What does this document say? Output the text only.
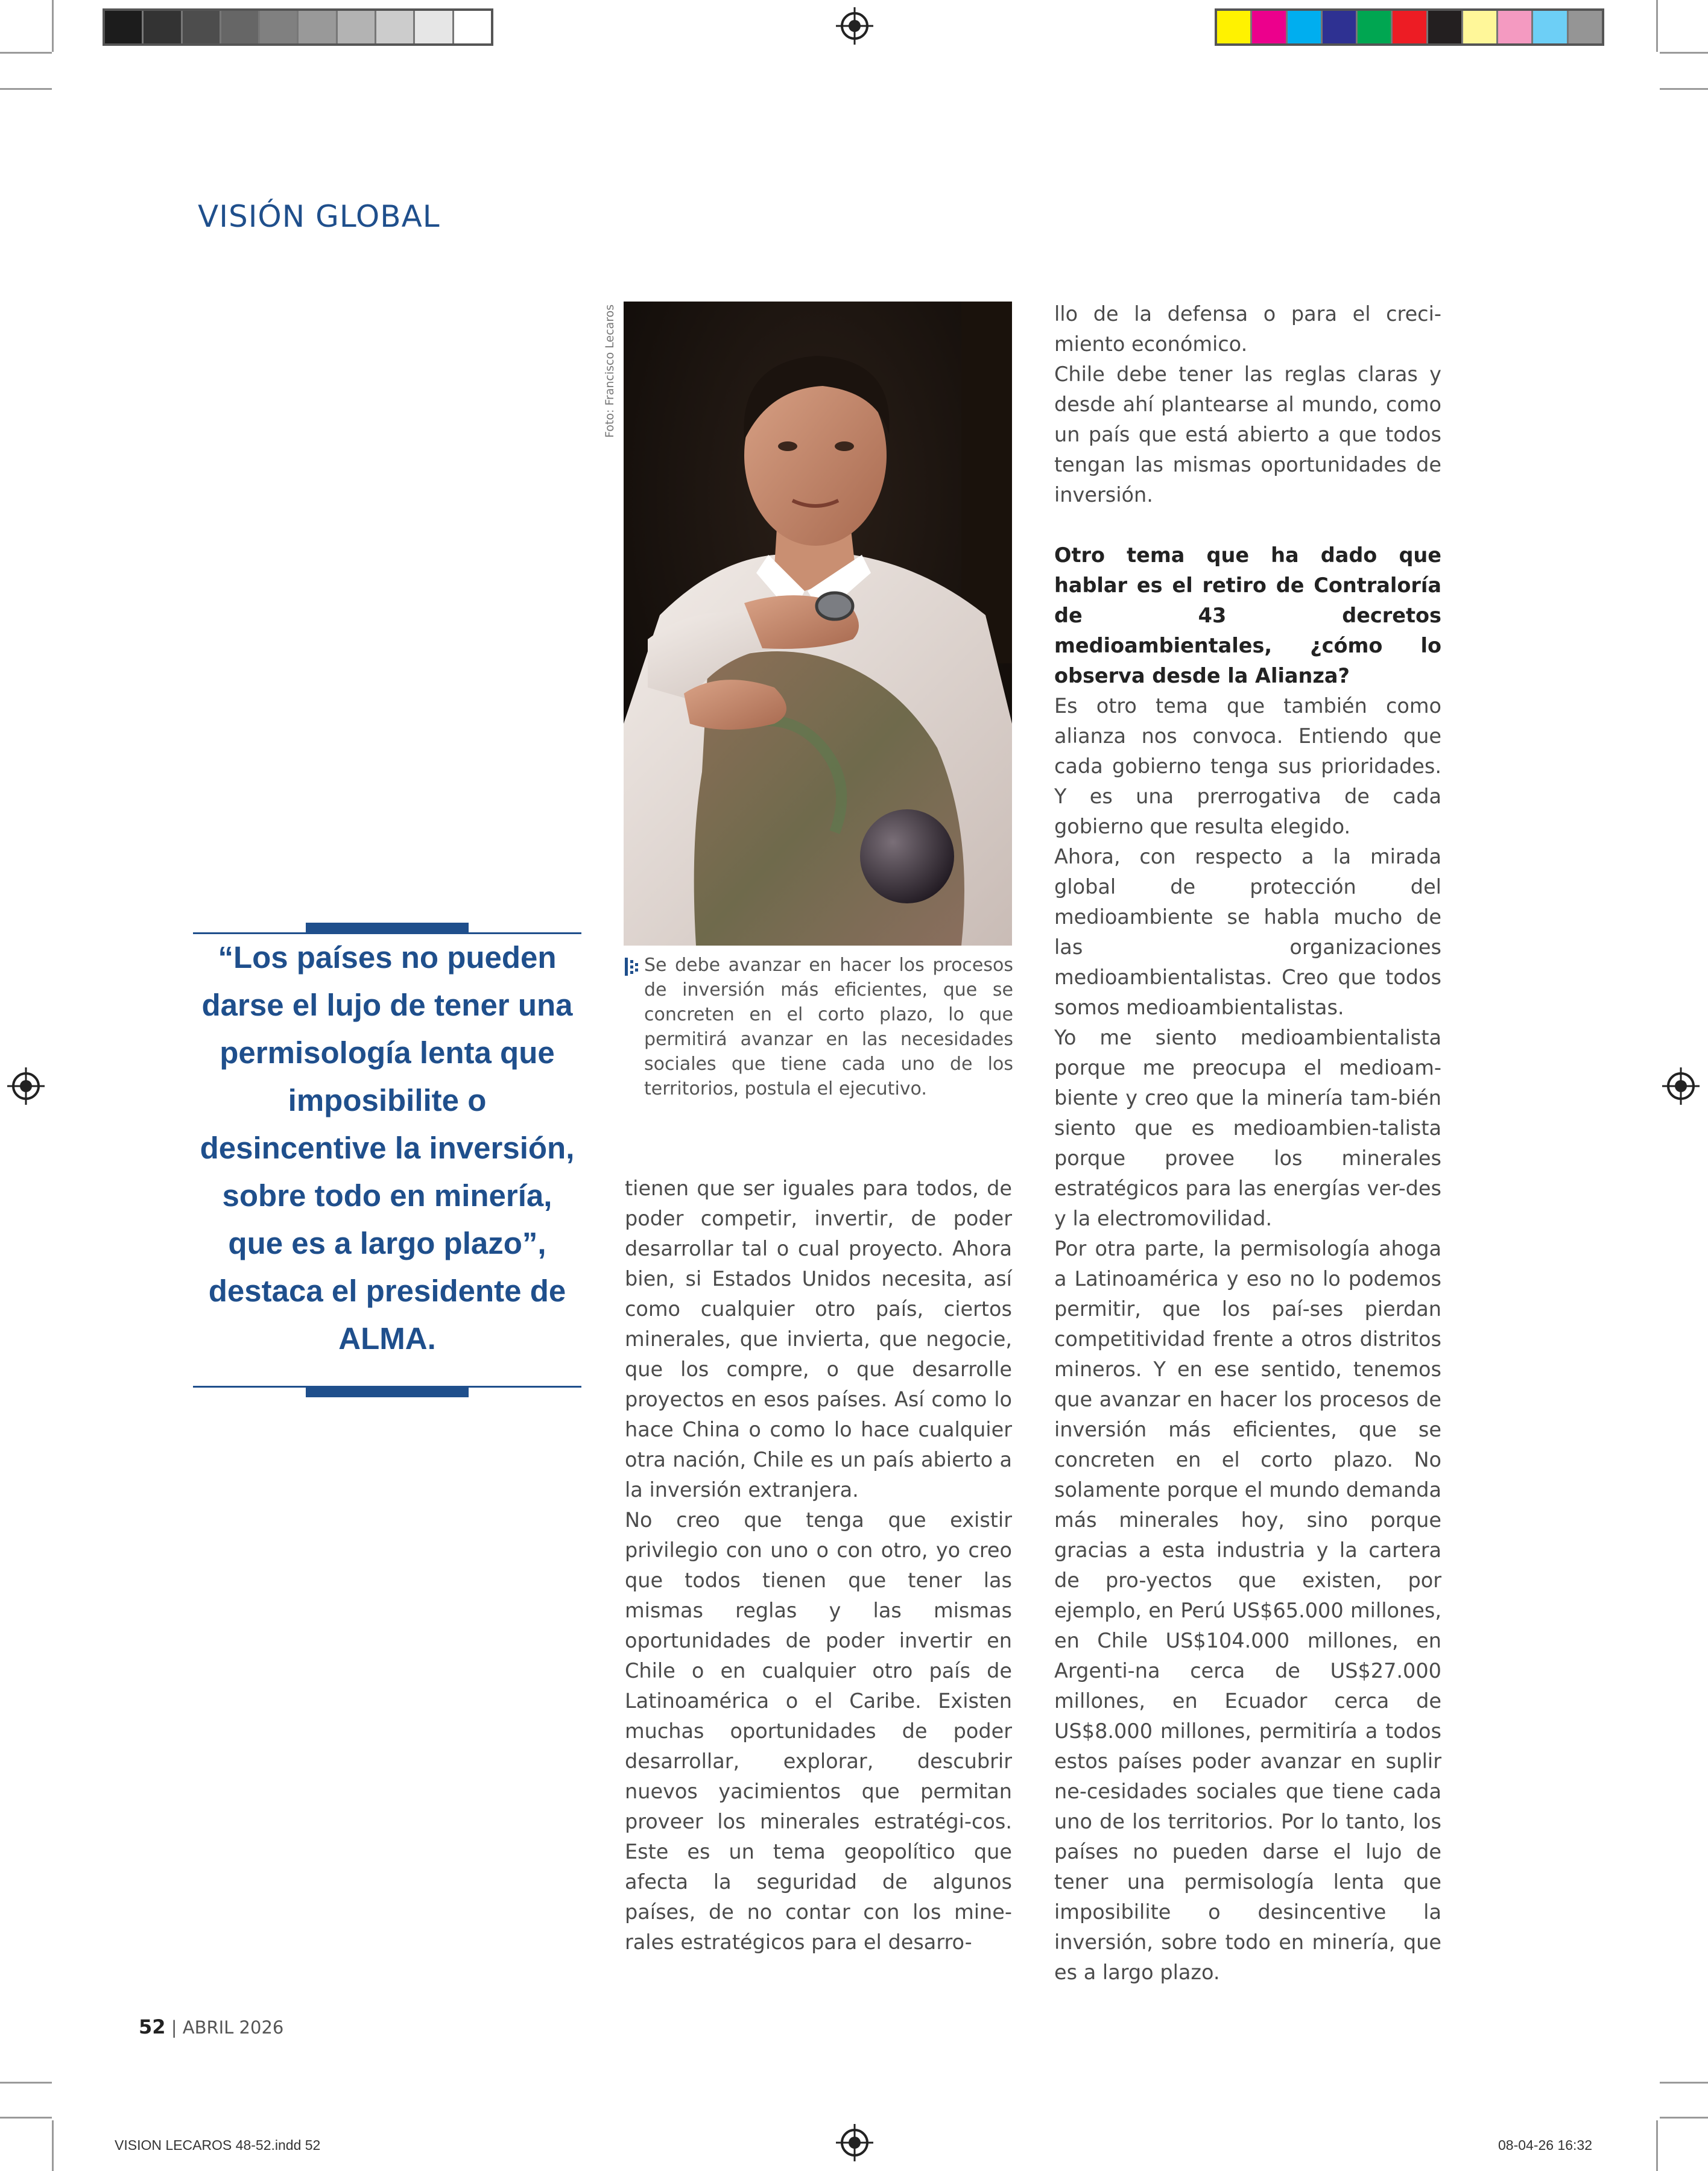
VISIÓN GLOBAL
“Los países no pueden darse el lujo de tener una permisología lenta que imposibilite o desincentive la inversión, sobre todo en minería, que es a largo plazo”, destaca el presidente de ALMA.
Foto: Francisco Lecaros

Se debe avanzar en hacer los procesos de inversión más eficientes, que se concreten en el corto plazo, lo que permitirá avanzar en las necesidades sociales que tiene cada uno de los territorios, postula el ejecutivo.

tienen que ser iguales para todos, de poder competir, invertir, de poder desarrollar tal o cual proyecto. Ahora bien, si Estados Unidos necesita, así como cualquier otro país, ciertos minerales, que invierta, que negocie, que los compre, o que desarrolle proyectos en esos países. Así como lo hace China o como lo hace cualquier otra nación, Chile es un país abierto a la inversión extranjera.

No creo que tenga que existir privilegio con uno o con otro, yo creo que todos tienen que tener las mismas reglas y las mismas oportunidades de poder invertir en Chile o en cualquier otro país de Latinoamérica o el Caribe. Existen muchas oportunidades de poder desarrollar, explorar, descubrir nuevos yacimientos que permitan proveer los minerales estratégi-cos. Este es un tema geopolítico que afecta la seguridad de algunos países, de no contar con los mine-rales estratégicos para el desarro-

llo de la defensa o para el creci-miento económico.

Chile debe tener las reglas claras y desde ahí plantearse al mundo, como un país que está abierto a que todos tengan las mismas oportunidades de inversión.

Otro tema que ha dado que hablar es el retiro de Contraloría de 43 decretos medioambientales, ¿cómo lo observa desde la Alianza?

Es otro tema que también como alianza nos convoca. Entiendo que cada gobierno tenga sus prioridades. Y es una prerrogativa de cada gobierno que resulta elegido.

Ahora, con respecto a la mirada global de protección del medioambiente se habla mucho de las organizaciones medioambientalistas. Creo que todos somos medioambientalistas.

Yo me siento medioambientalista porque me preocupa el medioam-biente y creo que la minería tam-bién siento que es medioambien-talista porque provee los minerales estratégicos para las energías ver-des y la electromovilidad.

Por otra parte, la permisología ahoga a Latinoamérica y eso no lo podemos permitir, que los paí-ses pierdan competitividad frente a otros distritos mineros. Y en ese sentido, tenemos que avanzar en hacer los procesos de inversión más eficientes, que se concreten en el corto plazo. No solamente porque el mundo demanda más minerales hoy, sino porque gracias a esta industria y la cartera de pro-yectos que existen, por ejemplo, en Perú US$65.000 millones, en Chile US$104.000 millones, en Argenti-na cerca de US$27.000 millones, en Ecuador cerca de US$8.000 millones, permitiría a todos estos países poder avanzar en suplir ne-cesidades sociales que tiene cada uno de los territorios. Por lo tanto, los países no pueden darse el lujo de tener una permisología lenta que imposibilite o desincentive la inversión, sobre todo en minería, que es a largo plazo.

52 | ABRIL 2026
VISION LECAROS 48-52.indd 52	08-04-26 16:32
